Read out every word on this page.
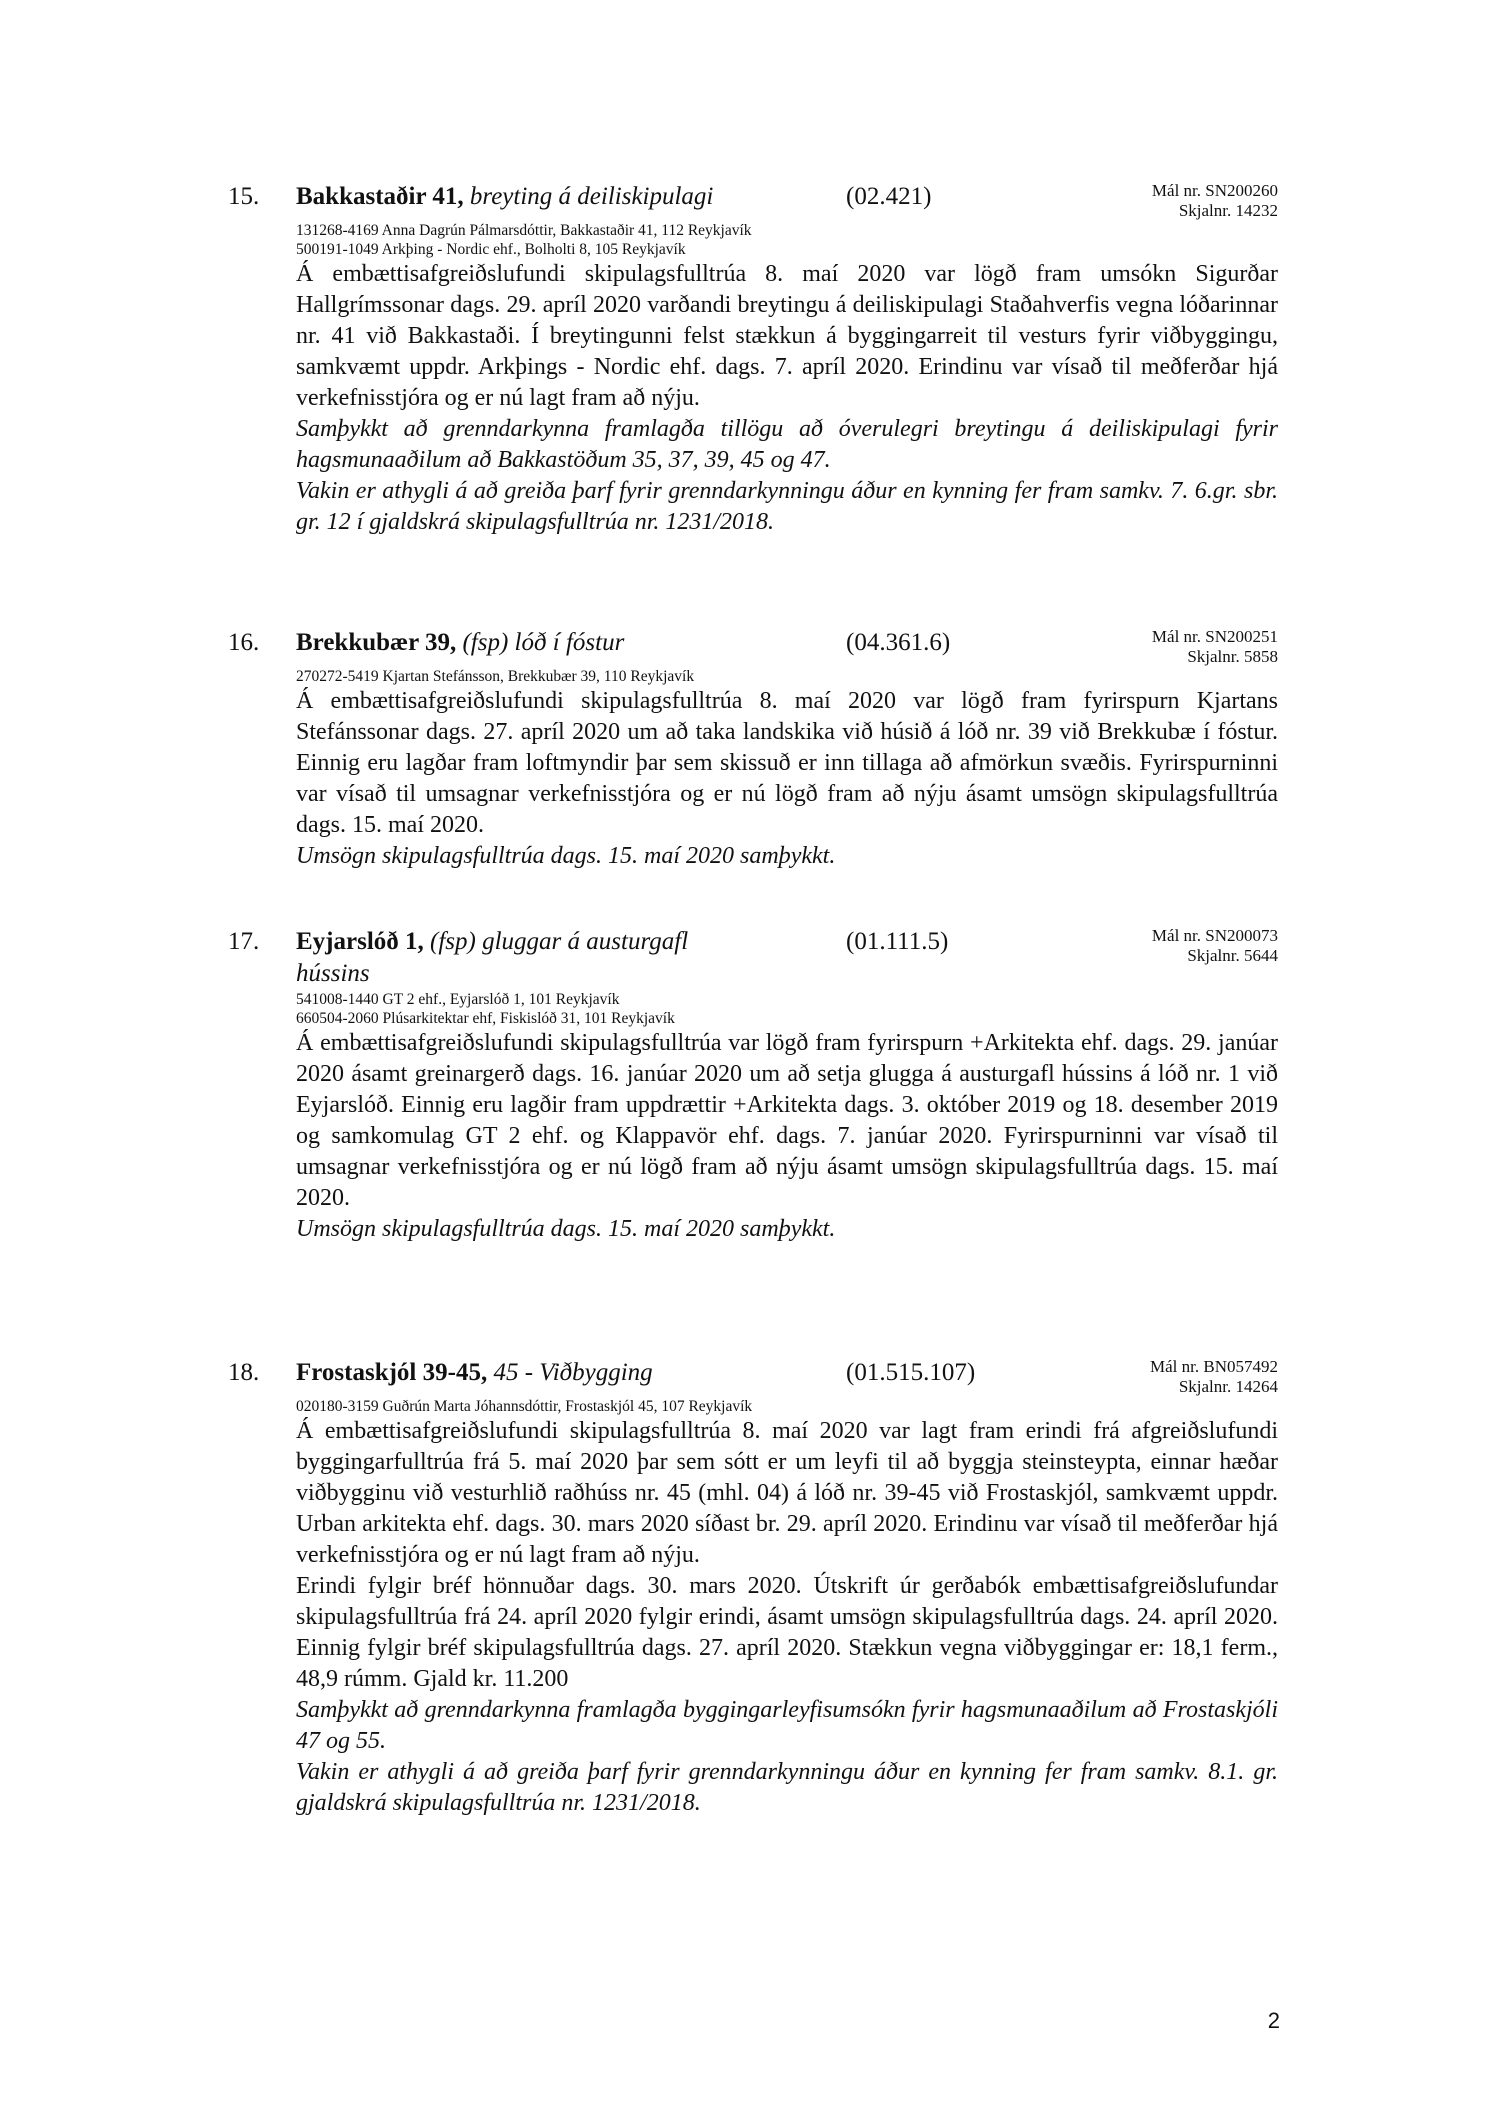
15. Bakkastaðir 41, breyting á deiliskipulagi	(02.421)	Mál nr. SN200260
Skjalnr. 14232
131268-4169 Anna Dagrún Pálmarsdóttir, Bakkastaðir 41, 112 Reykjavík
500191-1049 Arkþing - Nordic ehf., Bolholti 8, 105 Reykjavík

Á embættisafgreiðslufundi skipulagsfulltrúa 8. maí 2020 var lögð fram umsókn Sigurðar Hallgrímssonar dags. 29. apríl 2020 varðandi breytingu á deiliskipulagi Staðahverfis vegna lóðarinnar nr. 41 við Bakkastaði. Í breytingunni felst stækkun á byggingarreit til vesturs fyrir viðbyggingu, samkvæmt uppdr. Arkþings - Nordic ehf. dags. 7. apríl 2020. Erindinu var vísað til meðferðar hjá verkefnisstjóra og er nú lagt fram að nýju.

Samþykkt að grenndarkynna framlagða tillögu að óverulegri breytingu á deiliskipulagi fyrir hagsmunaaðilum að Bakkastöðum 35, 37, 39, 45 og 47.

Vakin er athygli á að greiða þarf fyrir grenndarkynningu áður en kynning fer fram samkv. 7. 6.gr. sbr. gr. 12 í gjaldskrá skipulagsfulltrúa nr. 1231/2018.

16. Brekkubær 39, (fsp) lóð í fóstur	(04.361.6)	Mál nr. SN200251
Skjalnr. 5858
270272-5419 Kjartan Stefánsson, Brekkubær 39, 110 Reykjavík

Á embættisafgreiðslufundi skipulagsfulltrúa 8. maí 2020 var lögð fram fyrirspurn Kjartans Stefánssonar dags. 27. apríl 2020 um að taka landskika við húsið á lóð nr. 39 við Brekkubæ í fóstur. Einnig eru lagðar fram loftmyndir þar sem skissuð er inn tillaga að afmörkun svæðis. Fyrirspurninni var vísað til umsagnar verkefnisstjóra og er nú lögð fram að nýju ásamt umsögn skipulagsfulltrúa dags. 15. maí 2020.

Umsögn skipulagsfulltrúa dags. 15. maí 2020 samþykkt.

17. Eyjarslóð 1, (fsp) gluggar á austurgafl hússins
(01.111.5)	Mál nr. SN200073
Skjalnr. 5644
541008-1440 GT 2 ehf., Eyjarslóð 1, 101 Reykjavík
660504-2060 Plúsarkitektar ehf, Fiskislóð 31, 101 Reykjavík

Á embættisafgreiðslufundi skipulagsfulltrúa var lögð fram fyrirspurn +Arkitekta ehf. dags. 29. janúar 2020 ásamt greinargerð dags. 16. janúar 2020 um að setja glugga á austurgafl hússins á lóð nr. 1 við Eyjarslóð. Einnig eru lagðir fram uppdrættir +Arkitekta dags. 3. október 2019 og 18. desember 2019 og samkomulag GT 2 ehf. og Klappavör ehf. dags. 7. janúar 2020. Fyrirspurninni var vísað til umsagnar verkefnisstjóra og er nú lögð fram að nýju ásamt umsögn skipulagsfulltrúa dags. 15. maí 2020.

Umsögn skipulagsfulltrúa dags. 15. maí 2020 samþykkt.

18. Frostaskjól 39-45, 45 - Viðbygging	(01.515.107)	Mál nr. BN057492
Skjalnr. 14264
020180-3159 Guðrún Marta Jóhannsdóttir, Frostaskjól 45, 107 Reykjavík

Á embættisafgreiðslufundi skipulagsfulltrúa 8. maí 2020 var lagt fram erindi frá afgreiðslufundi byggingarfulltrúa frá 5. maí 2020 þar sem sótt er um leyfi til að byggja steinsteypta, einnar hæðar viðbygginu við vesturhlið raðhúss nr. 45 (mhl. 04) á lóð nr. 39-45 við Frostaskjól, samkvæmt uppdr. Urban arkitekta ehf. dags. 30. mars 2020 síðast br. 29. apríl 2020. Erindinu var vísað til meðferðar hjá verkefnisstjóra og er nú lagt fram að nýju.

Erindi fylgir bréf hönnuðar dags. 30. mars 2020. Útskrift úr gerðabók embættisafgreiðslufundar skipulagsfulltrúa frá 24. apríl 2020 fylgir erindi, ásamt umsögn skipulagsfulltrúa dags. 24. apríl 2020. Einnig fylgir bréf skipulagsfulltrúa dags. 27. apríl 2020. Stækkun vegna viðbyggingar er: 18,1 ferm., 48,9 rúmm. Gjald kr. 11.200

Samþykkt að grenndarkynna framlagða byggingarleyfisumsókn fyrir hagsmunaaðilum að Frostaskjóli 47 og 55.

Vakin er athygli á að greiða þarf fyrir grenndarkynningu áður en kynning fer fram samkv. 8.1. gr. gjaldskrá skipulagsfulltrúa nr. 1231/2018.

2
